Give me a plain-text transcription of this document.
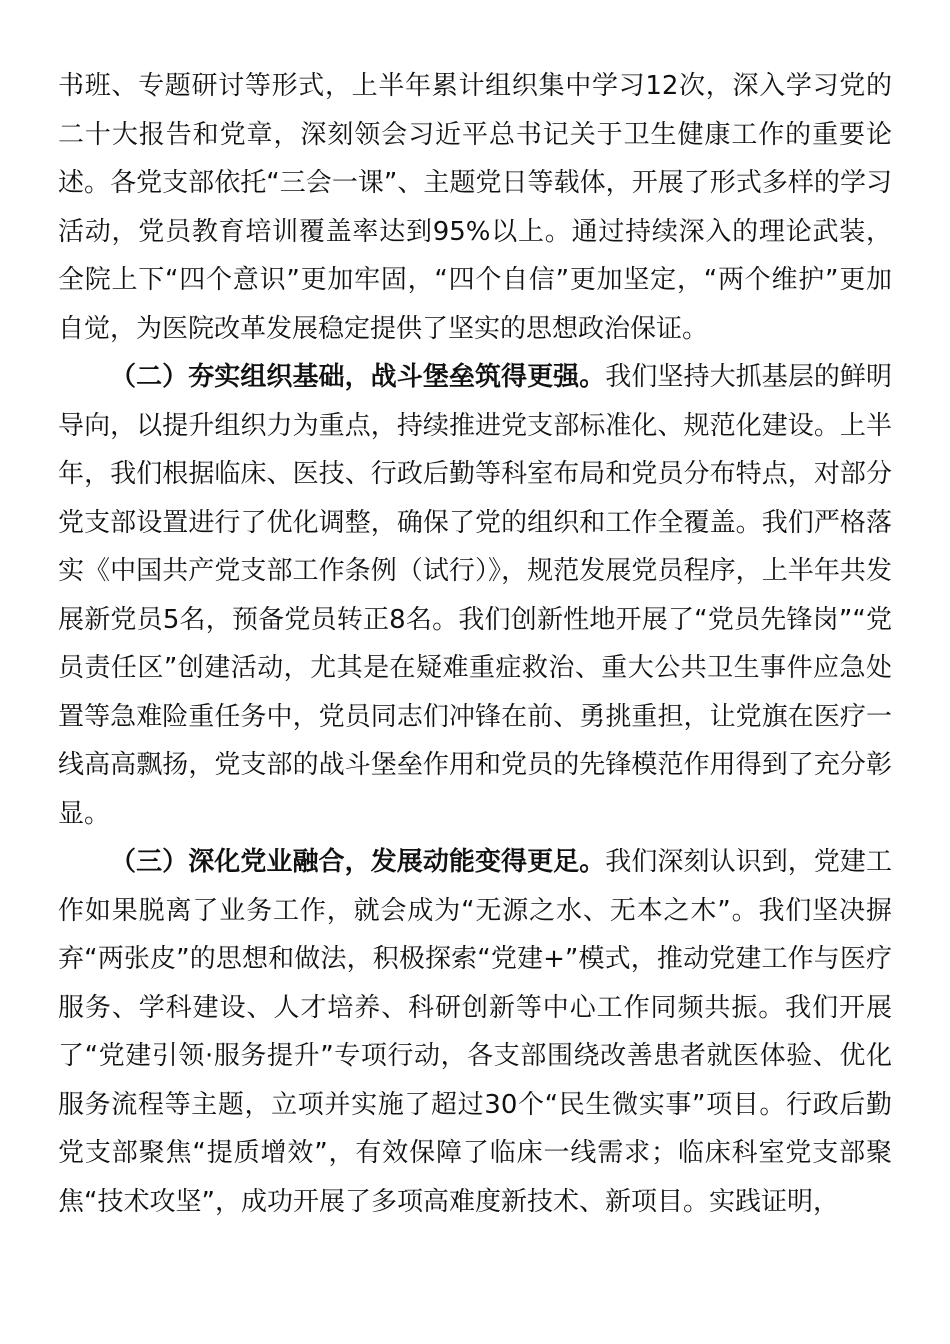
书班、专题研讨等形式，上半年累计组织集中学习12次，深入学习党的二十大报告和党章，深刻领会习近平总书记关于卫生健康工作的重要论述。各党支部依托“三会一课”、主题党日等载体，开展了形式多样的学习活动，党员教育培训覆盖率达到95%以上。通过持续深入的理论武装，全院上下“四个意识”更加牢固，“四个自信”更加坚定，“两个维护”更加自觉，为医院改革发展稳定提供了坚实的思想政治保证。

（二）夯实组织基础，战斗堡垒筑得更强。我们坚持大抓基层的鲜明导向，以提升组织力为重点，持续推进党支部标准化、规范化建设。上半年，我们根据临床、医技、行政后勤等科室布局和党员分布特点，对部分党支部设置进行了优化调整，确保了党的组织和工作全覆盖。我们严格落实《中国共产党支部工作条例（试行）》，规范发展党员程序，上半年共发展新党员5名，预备党员转正8名。我们创新性地开展了“党员先锋岗”“党员责任区”创建活动，尤其是在疑难重症救治、重大公共卫生事件应急处置等急难险重任务中，党员同志们冲锋在前、勇挑重担，让党旗在医疗一线高高飘扬，党支部的战斗堡垒作用和党员的先锋模范作用得到了充分彰显。

（三）深化党业融合，发展动能变得更足。我们深刻认识到，党建工作如果脱离了业务工作，就会成为“无源之水、无本之木”。我们坚决摒弃“两张皮”的思想和做法，积极探索“党建+”模式，推动党建工作与医疗服务、学科建设、人才培养、科研创新等中心工作同频共振。我们开展了“党建引领·服务提升”专项行动，各支部围绕改善患者就医体验、优化服务流程等主题，立项并实施了超过30个“民生微实事”项目。行政后勤党支部聚焦“提质增效”，有效保障了临床一线需求；临床科室党支部聚焦“技术攻坚”，成功开展了多项高难度新技术、新项目。实践证明，
